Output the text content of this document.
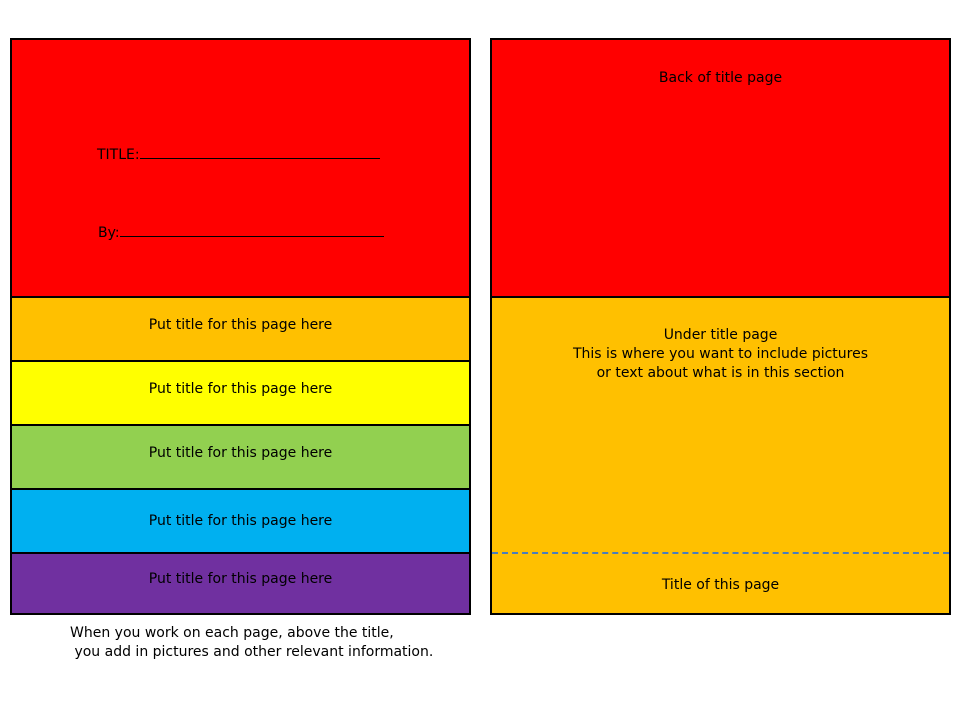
TITLE:
By:
Put title for this page here
Put title for this page here
Put title for this page here
Put title for this page here
Put title for this page here
Back of title page
Under title page
This is where you want to include pictures
or text about what is in this section
Title of this page
When you work on each page, above the title,
you add in pictures and other relevant information.
